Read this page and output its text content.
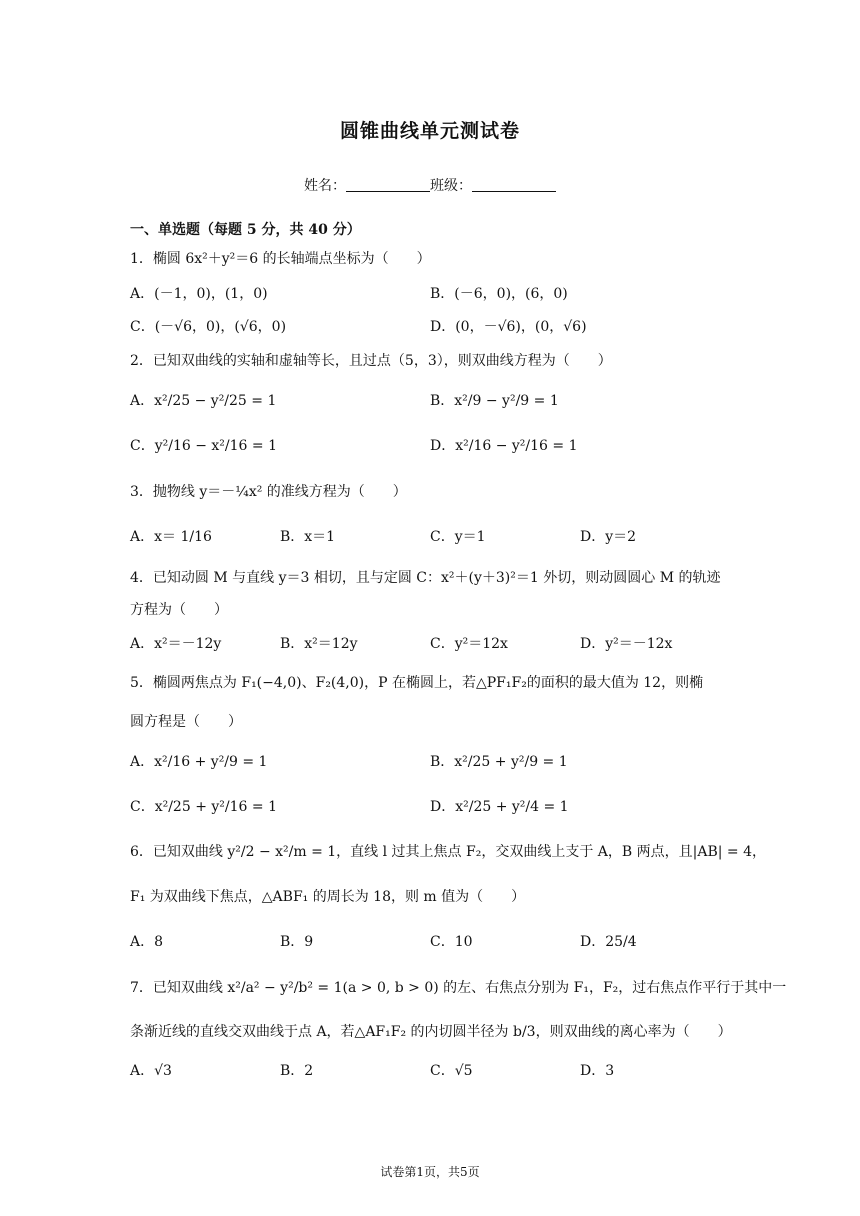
圆锥曲线单元测试卷
姓名：	班级：
一、单选题（每题 5 分，共 40 分）
1．椭圆 6x²＋y²＝6 的长轴端点坐标为（　　）
A．(－1，0)，(1，0)	B．(－6，0)，(6，0)
C．(－√6，0)，(√6，0)	D．(0，－√6)，(0，√6)
2．已知双曲线的实轴和虚轴等长，且过点（5，3），则双曲线方程为（　　）
A．x²/25 − y²/25 = 1	B．x²/9 − y²/9 = 1
C．y²/16 − x²/16 = 1	D．x²/16 − y²/16 = 1
3．抛物线 y＝－¼x² 的准线方程为（　　）
A．x＝ 1/16	B．x＝1	C．y＝1	D．y＝2
4．已知动圆 M 与直线 y＝3 相切，且与定圆 C：x²＋(y＋3)²＝1 外切，则动圆圆心 M 的轨迹
方程为（　　）
A．x²＝－12y	B．x²＝12y	C．y²＝12x	D．y²＝－12x
5．椭圆两焦点为 F₁(−4,0)、F₂(4,0)，P 在椭圆上，若△PF₁F₂的面积的最大值为 12，则椭
圆方程是（　　）
A．x²/16 + y²/9 = 1	B．x²/25 + y²/9 = 1
C．x²/25 + y²/16 = 1	D．x²/25 + y²/4 = 1
6．已知双曲线 y²/2 − x²/m = 1，直线 l 过其上焦点 F₂，交双曲线上支于 A，B 两点，且|AB| = 4，
F₁ 为双曲线下焦点，△ABF₁ 的周长为 18，则 m 值为（　　）
A．8	B．9	C．10	D．25/4
7．已知双曲线 x²/a² − y²/b² = 1(a > 0, b > 0) 的左、右焦点分别为 F₁，F₂，过右焦点作平行于其中一
条渐近线的直线交双曲线于点 A，若△AF₁F₂ 的内切圆半径为 b/3，则双曲线的离心率为（　　）
A．√3	B．2	C．√5	D．3
试卷第1页，共5页
